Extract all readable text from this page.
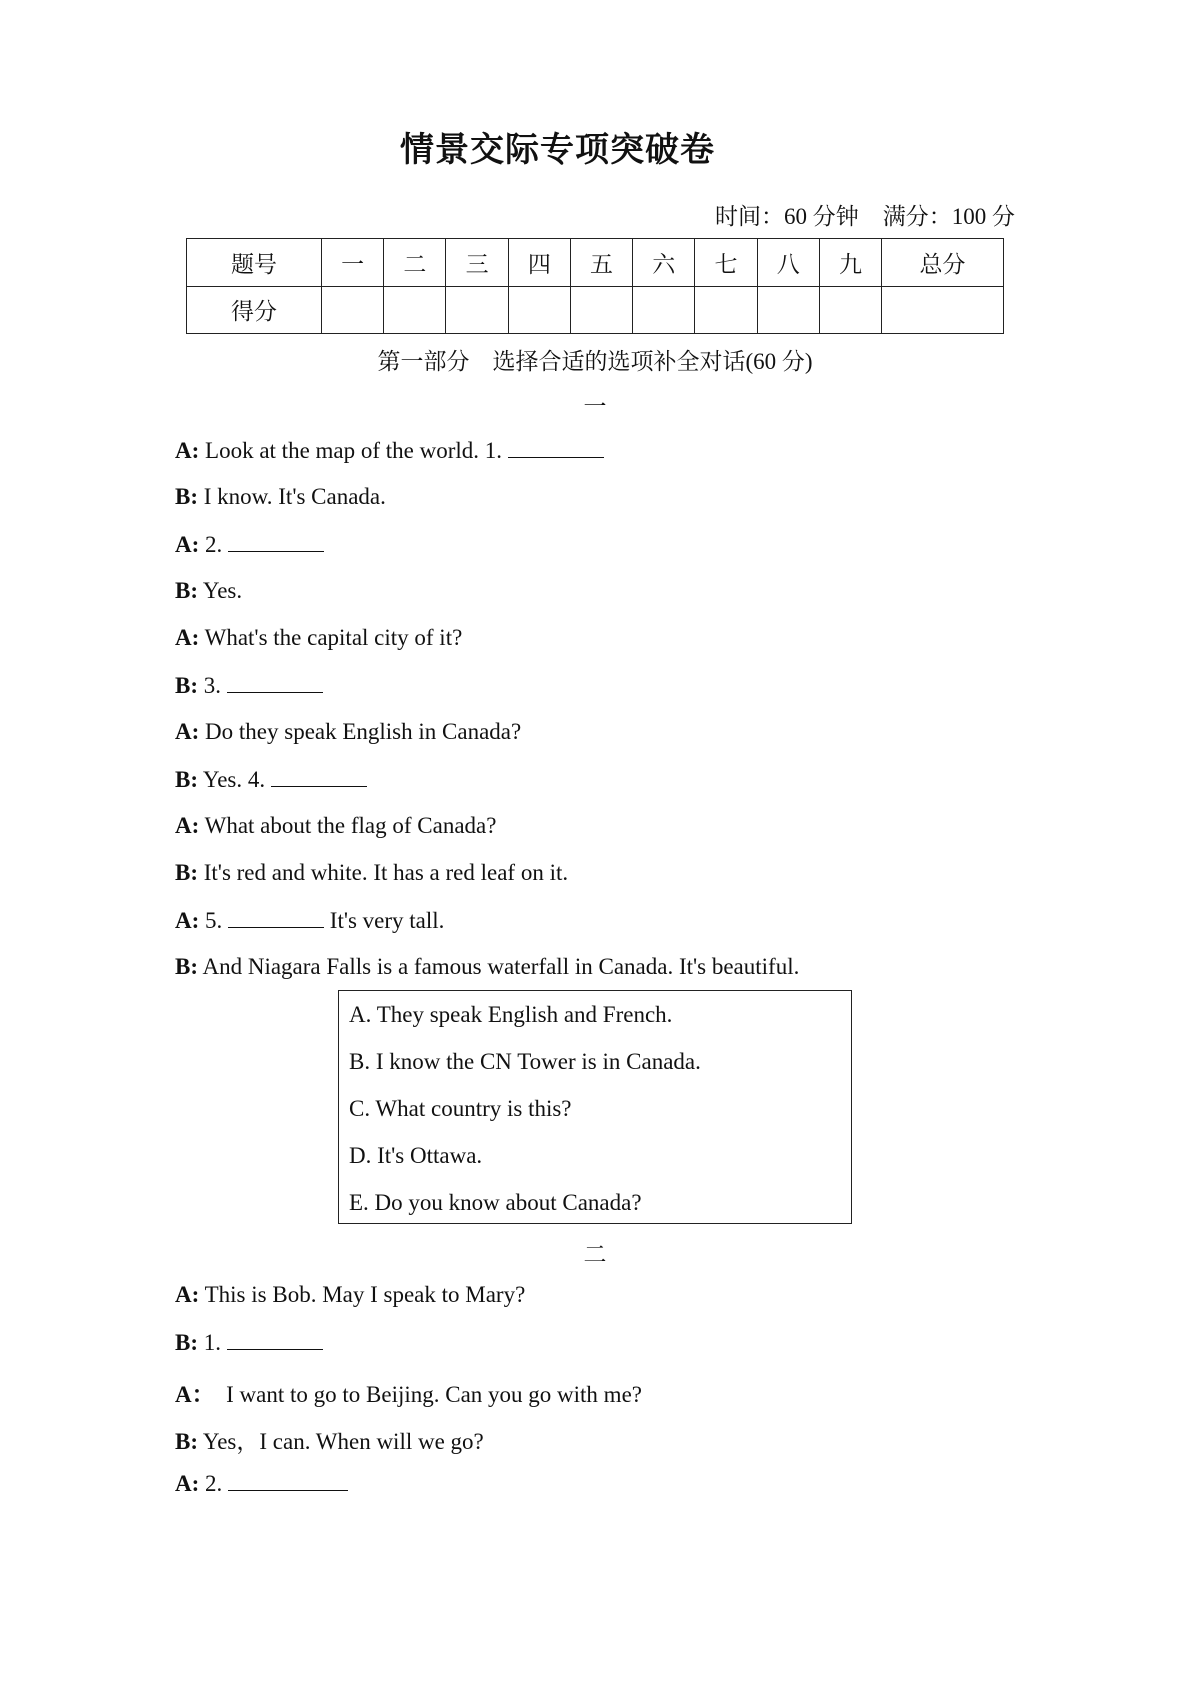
情景交际专项突破卷
时间：60 分钟 满分：100 分
题号	一	二	三	四	五	六	七	八	九	总分
得分										
第一部分　选择合适的选项补全对话(60 分)
一
A: Look at the map of the world. 1.
B: I know. It's Canada.
A: 2.
B: Yes.
A: What's the capital city of it?
B: 3.
A: Do they speak English in Canada?
B: Yes. 4.
A: What about the flag of Canada?
B: It's red and white. It has a red leaf on it.
A: 5.	It's very tall.
B: And Niagara Falls is a famous waterfall in Canada. It's beautiful.
A. They speak English and French.
B. I know the CN Tower is in Canada.
C. What country is this?
D. It's Ottawa.
E. Do you know about Canada?
二
A: This is Bob. May I speak to Mary?
B: 1.
A：  I want to go to Beijing. Can you go with me?
B: Yes，I can. When will we go?
A: 2.
